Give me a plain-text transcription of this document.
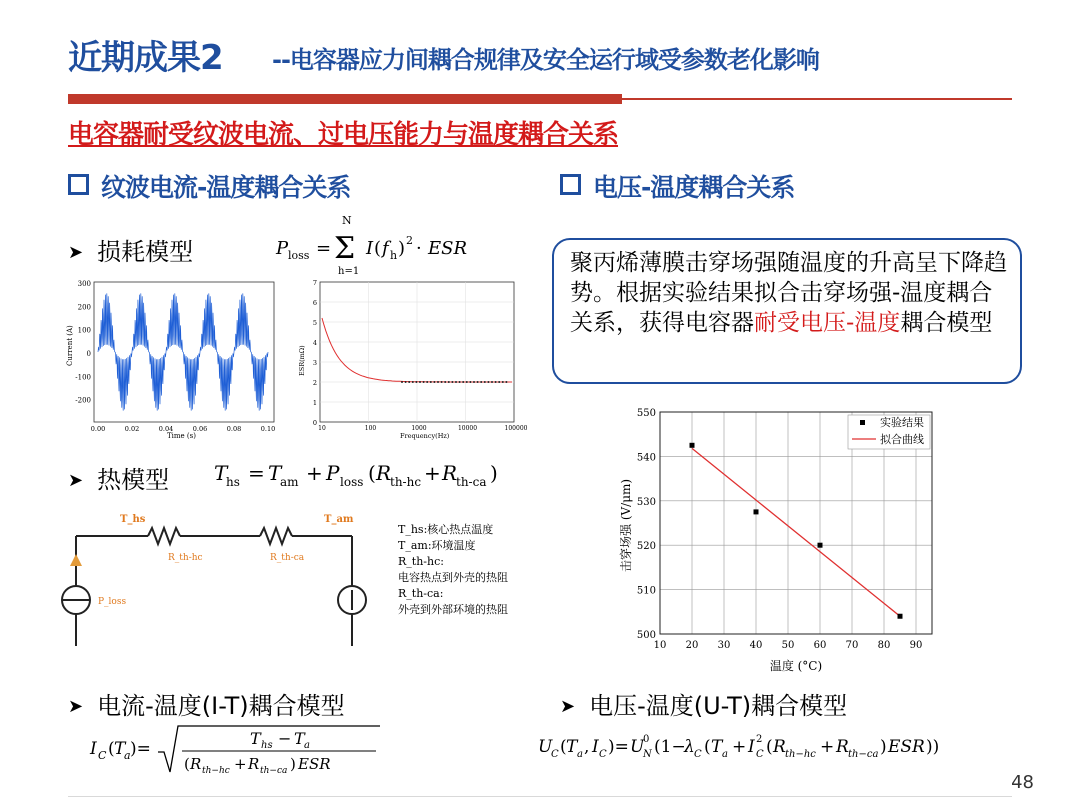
近期成果2 --电容器应力间耦合规律及安全运行域受参数老化影响
电容器耐受纹波电流、过电压能力与温度耦合关系
纹波电流-温度耦合关系	电压-温度耦合关系
➤ 损耗模型	P loss =
N
Σ
h=1
I ( f h ) 2 · ESR
Current (A)
Time (s)
300
200
100
0
-100
-200
0.00	0.02	0.04	0.06	0.08	0.10
ESR(mΩ)
Frequency(Hz)
7
6
5
4
3
2
1
0
10	100	1000	10000	100000
➤ 热模型 T
hs = T
am + P loss ( R
th-hc + R
th-ca )
T_hs	T_am
R_th-hc	R_th-ca
P_loss
T_hs:核心热点温度
T_am:环境温度
R_th-hc:
电容热点到外壳的热阻
R_th-ca:
外壳到外部环境的热阻
➤ 电流-温度(I-T)耦合模型
I C ( T
a )=
T hs − T a
( R th−hc + R th−ca ) ESR
聚丙烯薄膜击穿场强随温度的升高呈下降趋势。根据实验结果拟合击穿场强-温度耦合关系，获得电容器耐受电压-温度耦合模型
500
510
520
530
540
550
10 20 30 40 50 60 70 80 90
击穿场强 (V/μm)
温度 (°C)
实验结果
拟合曲线
➤ 电压-温度(U-T)耦合模型
U
C ( T a , I C )= U
0
N (1−
λ C ( T a + I 2
C ( R th−hc + R th−ca ) ESR ))
48
